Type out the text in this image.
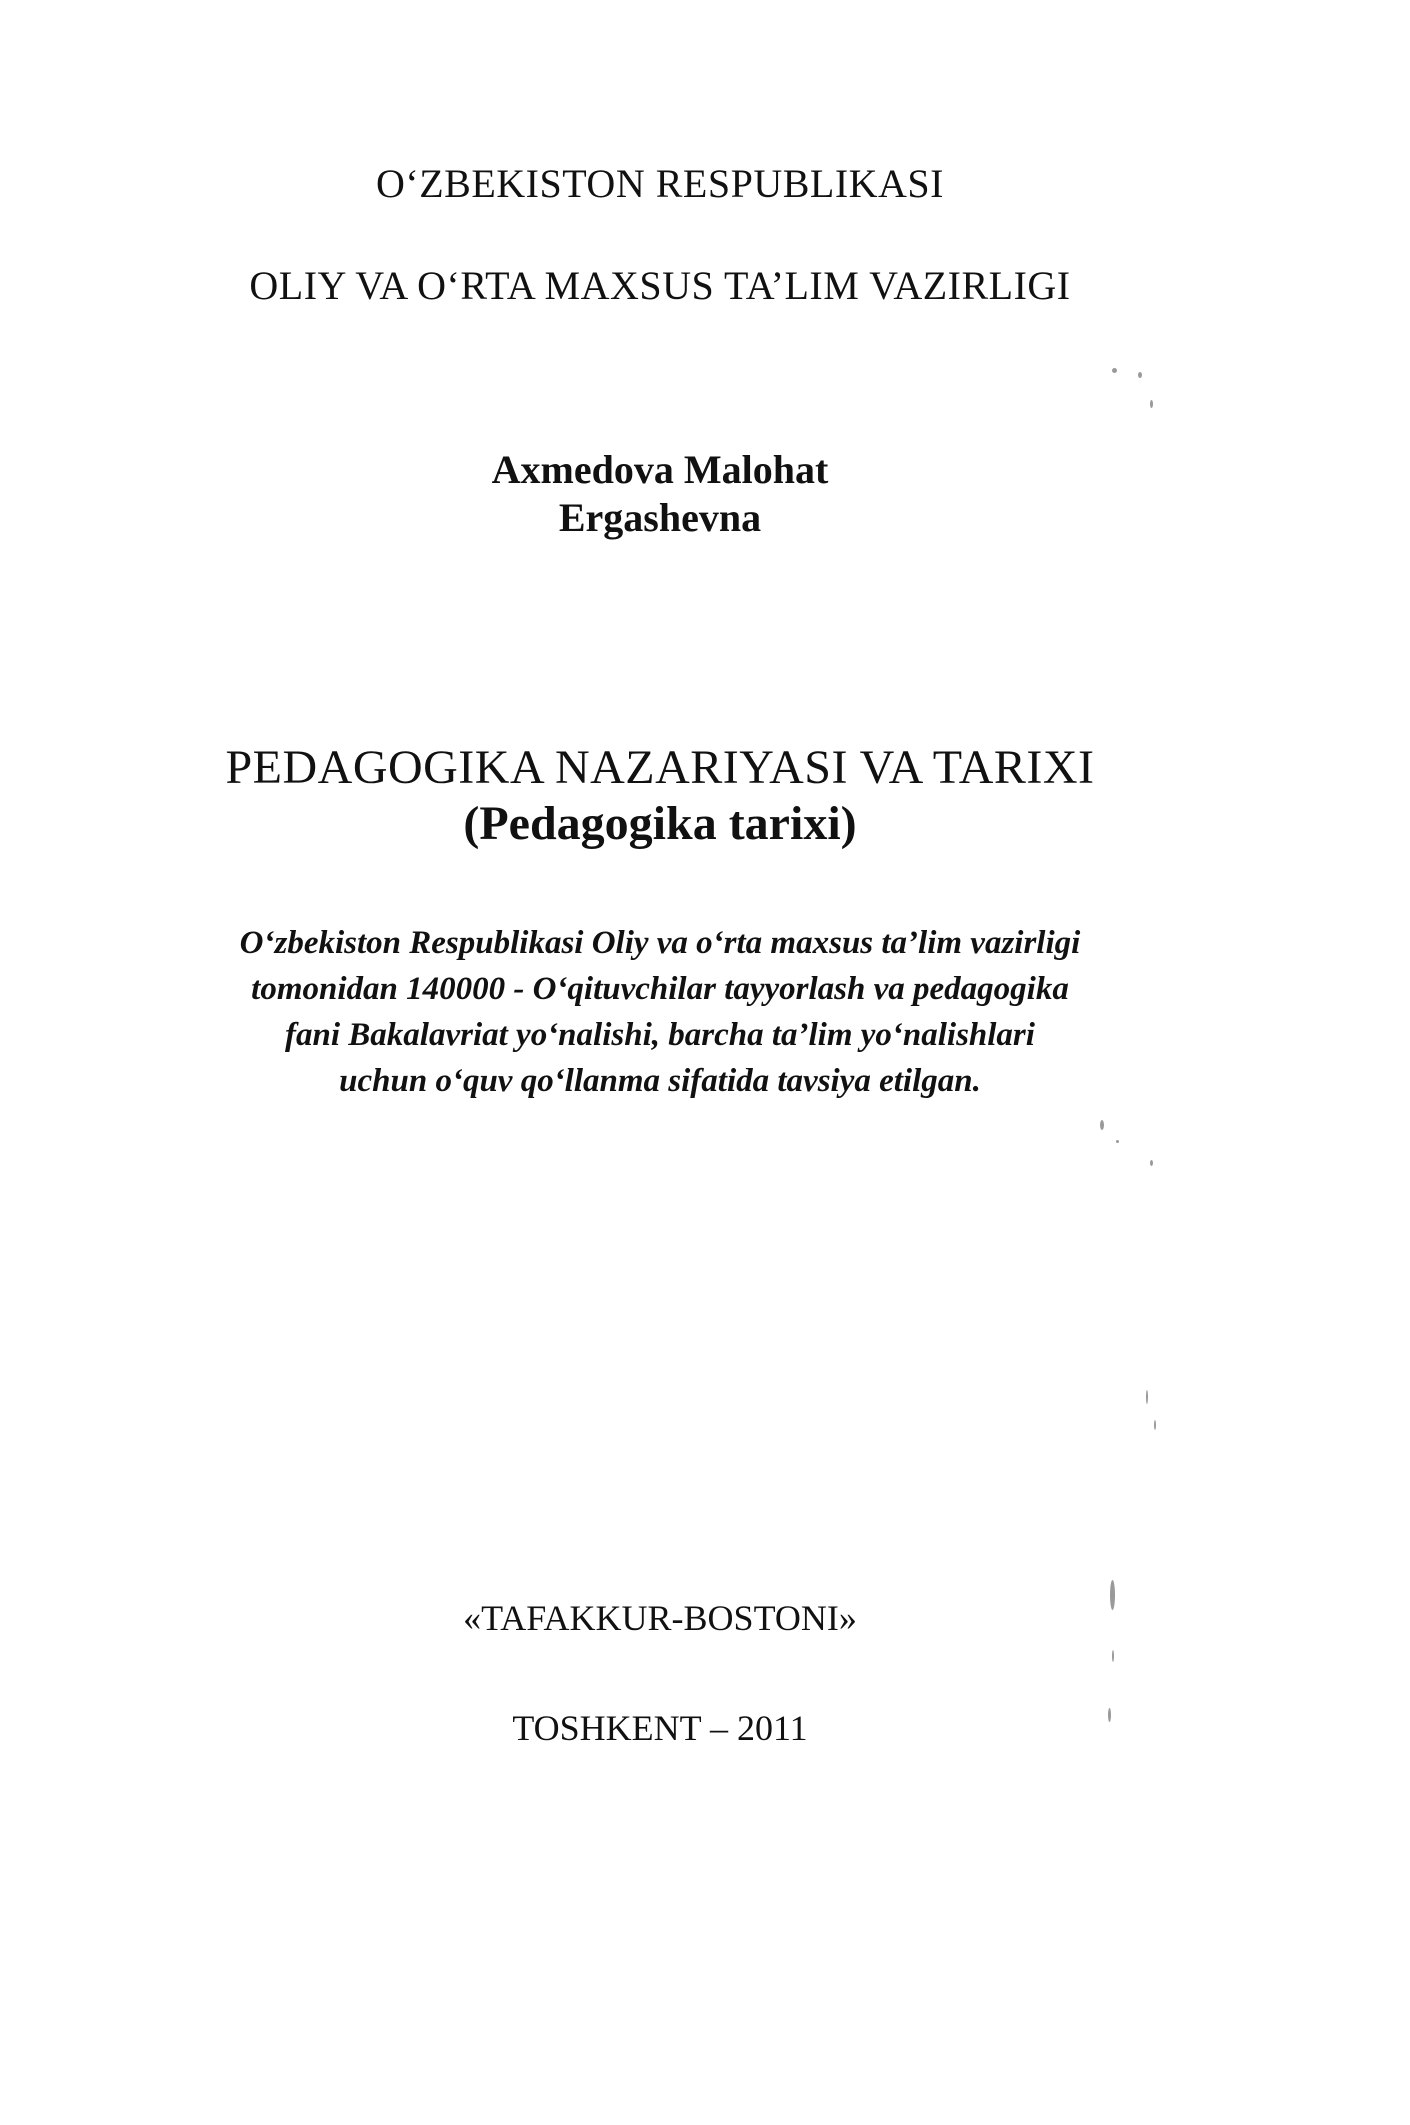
O‘ZBEKISTON RESPUBLIKASI
OLIY VA O‘RTA MAXSUS TA’LIM VAZIRLIGI
Axmedova Malohat
Ergashevna
PEDAGOGIKA NAZARIYASI VA TARIXI
(Pedagogika tarixi)
O‘zbekiston Respublikasi Oliy va o‘rta maxsus ta’lim vazirligi
tomonidan 140000 - O‘qituvchilar tayyorlash va pedagogika
fani Bakalavriat yo‘nalishi, barcha ta’lim yo‘nalishlari
uchun o‘quv qo‘llanma sifatida tavsiya etilgan.
«TAFAKKUR-BOSTONI»
TOSHKENT – 2011
